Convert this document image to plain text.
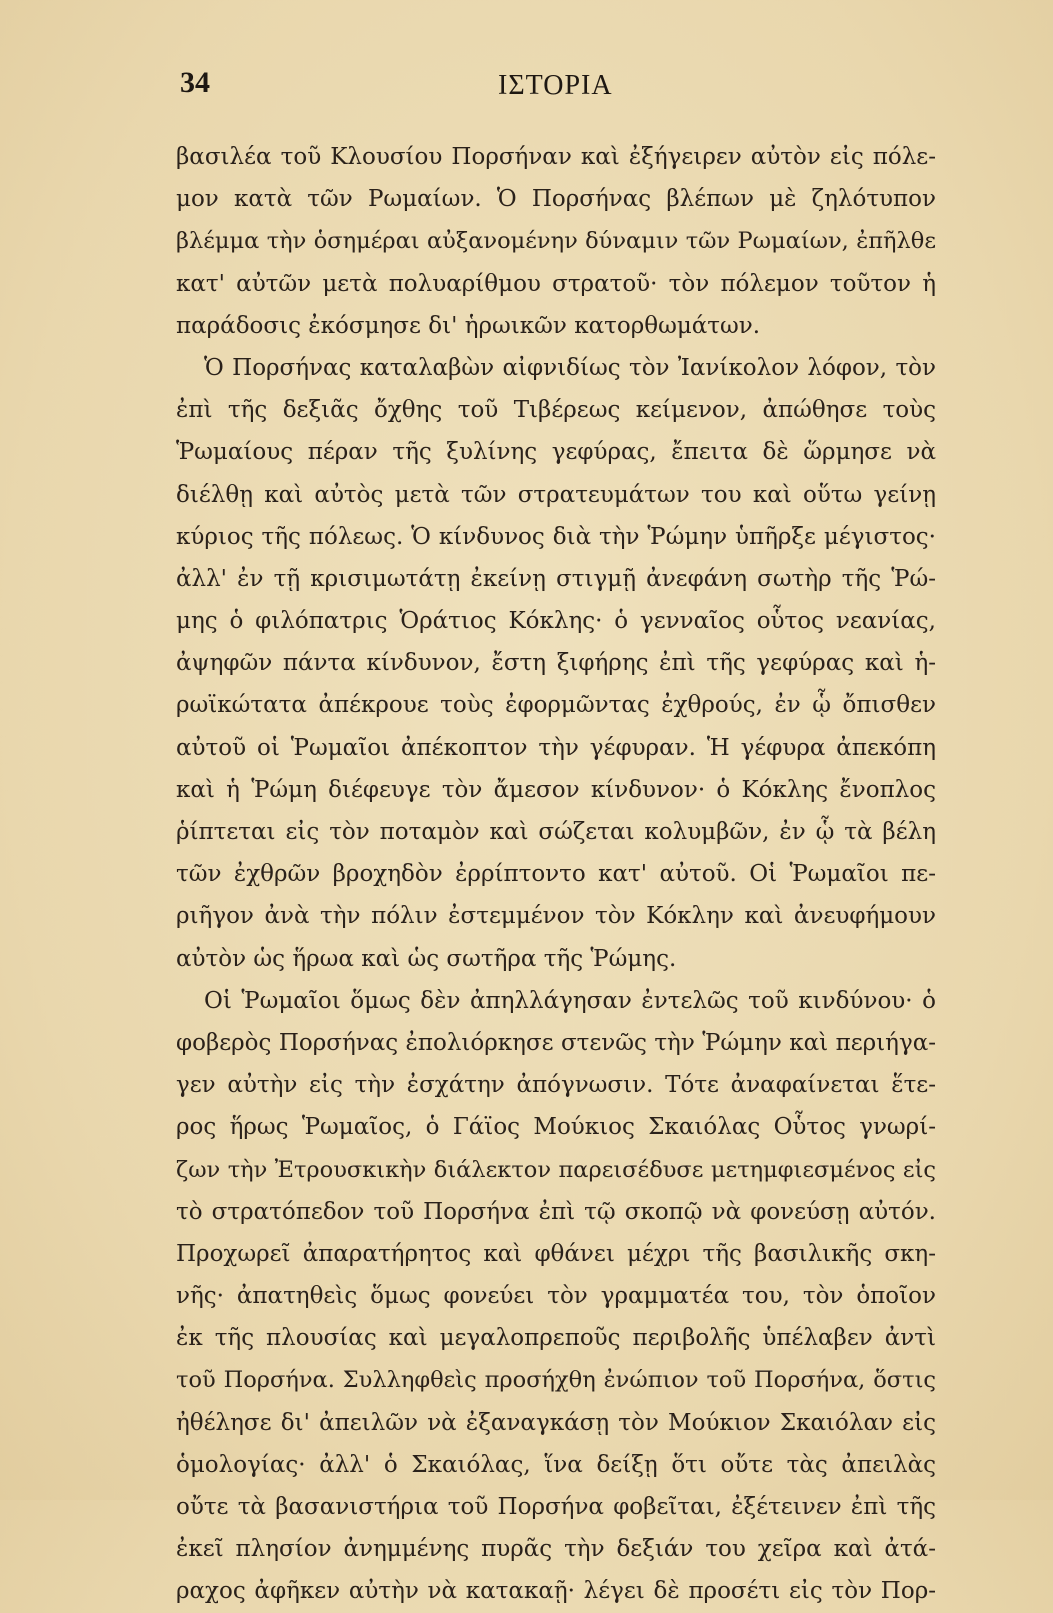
34	ΙΣΤΟΡΙΑ
βασιλέα τοῦ Κλουσίου Πορσήναν καὶ ἐξήγειρεν αὐτὸν εἰς πόλε-
μον κατὰ τῶν Ρωμαίων. Ὁ Πορσήνας βλέπων μὲ ζηλότυπον
βλέμμα τὴν ὁσημέραι αὐξανομένην δύναμιν τῶν Ρωμαίων, ἐπῆλθε
κατ' αὐτῶν μετὰ πολυαρίθμου στρατοῦ· τὸν πόλεμον τοῦτον ἡ
παράδοσις ἐκόσμησε δι' ἡρωικῶν κατορθωμάτων.
Ὁ Πορσήνας καταλαβὼν αἰφνιδίως τὸν Ἰανίκολον λόφον, τὸν
ἐπὶ τῆς δεξιᾶς ὄχθης τοῦ Τιβέρεως κείμενον, ἀπώθησε τοὺς
Ῥωμαίους πέραν τῆς ξυλίνης γεφύρας, ἔπειτα δὲ ὥρμησε νὰ
διέλθῃ καὶ αὐτὸς μετὰ τῶν στρατευμάτων του καὶ οὕτω γείνῃ
κύριος τῆς πόλεως. Ὁ κίνδυνος διὰ τὴν Ῥώμην ὑπῆρξε μέγιστος·
ἀλλ' ἐν τῇ κρισιμωτάτῃ ἐκείνῃ στιγμῇ ἀνεφάνη σωτὴρ τῆς Ῥώ-
μης ὁ φιλόπατρις Ὁράτιος Κόκλης· ὁ γενναῖος οὗτος νεανίας,
ἀψηφῶν πάντα κίνδυνον, ἔστη ξιφήρης ἐπὶ τῆς γεφύρας καὶ ἡ-
ρωϊκώτατα ἀπέκρουε τοὺς ἐφορμῶντας ἐχθρούς, ἐν ᾧ ὄπισθεν
αὐτοῦ οἱ Ῥωμαῖοι ἀπέκοπτον τὴν γέφυραν. Ἡ γέφυρα ἀπεκόπη
καὶ ἡ Ῥώμη διέφευγε τὸν ἄμεσον κίνδυνον· ὁ Κόκλης ἔνοπλος
ῥίπτεται εἰς τὸν ποταμὸν καὶ σώζεται κολυμβῶν, ἐν ᾧ τὰ βέλη
τῶν ἐχθρῶν βροχηδὸν ἐρρίπτοντο κατ' αὐτοῦ. Οἱ Ῥωμαῖοι πε-
ριῆγον ἀνὰ τὴν πόλιν ἐστεμμένον τὸν Κόκλην καὶ ἀνευφήμουν
αὐτὸν ὡς ἥρωα καὶ ὡς σωτῆρα τῆς Ῥώμης.
Οἱ Ῥωμαῖοι ὅμως δὲν ἀπηλλάγησαν ἐντελῶς τοῦ κινδύνου· ὁ
φοβερὸς Πορσήνας ἐπολιόρκησε στενῶς τὴν Ῥώμην καὶ περιήγα-
γεν αὐτὴν εἰς τὴν ἐσχάτην ἀπόγνωσιν. Τότε ἀναφαίνεται ἕτε-
ρος ἥρως Ῥωμαῖος, ὁ Γάϊος Μούκιος Σκαιόλας Οὗτος γνωρί-
ζων τὴν Ἐτρουσκικὴν διάλεκτον παρεισέδυσε μετημφιεσμένος εἰς
τὸ στρατόπεδον τοῦ Πορσήνα ἐπὶ τῷ σκοπῷ νὰ φονεύσῃ αὐτόν.
Προχωρεῖ ἀπαρατήρητος καὶ φθάνει μέχρι τῆς βασιλικῆς σκη-
νῆς· ἀπατηθεὶς ὅμως φονεύει τὸν γραμματέα του, τὸν ὁποῖον
ἐκ τῆς πλουσίας καὶ μεγαλοπρεποῦς περιβολῆς ὑπέλαβεν ἀντὶ
τοῦ Πορσήνα. Συλληφθεὶς προσήχθη ἐνώπιον τοῦ Πορσήνα, ὅστις
ἠθέλησε δι' ἀπειλῶν νὰ ἐξαναγκάσῃ τὸν Μούκιον Σκαιόλαν εἰς
ὁμολογίας· ἀλλ' ὁ Σκαιόλας, ἵνα δείξῃ ὅτι οὔτε τὰς ἀπειλὰς
οὔτε τὰ βασανιστήρια τοῦ Πορσήνα φοβεῖται, ἐξέτεινεν ἐπὶ τῆς
ἐκεῖ πλησίον ἀνημμένης πυρᾶς τὴν δεξιάν του χεῖρα καὶ ἀτά-
ραχος ἀφῆκεν αὐτὴν νὰ κατακαῇ· λέγει δὲ προσέτι εἰς τὸν Πορ-
